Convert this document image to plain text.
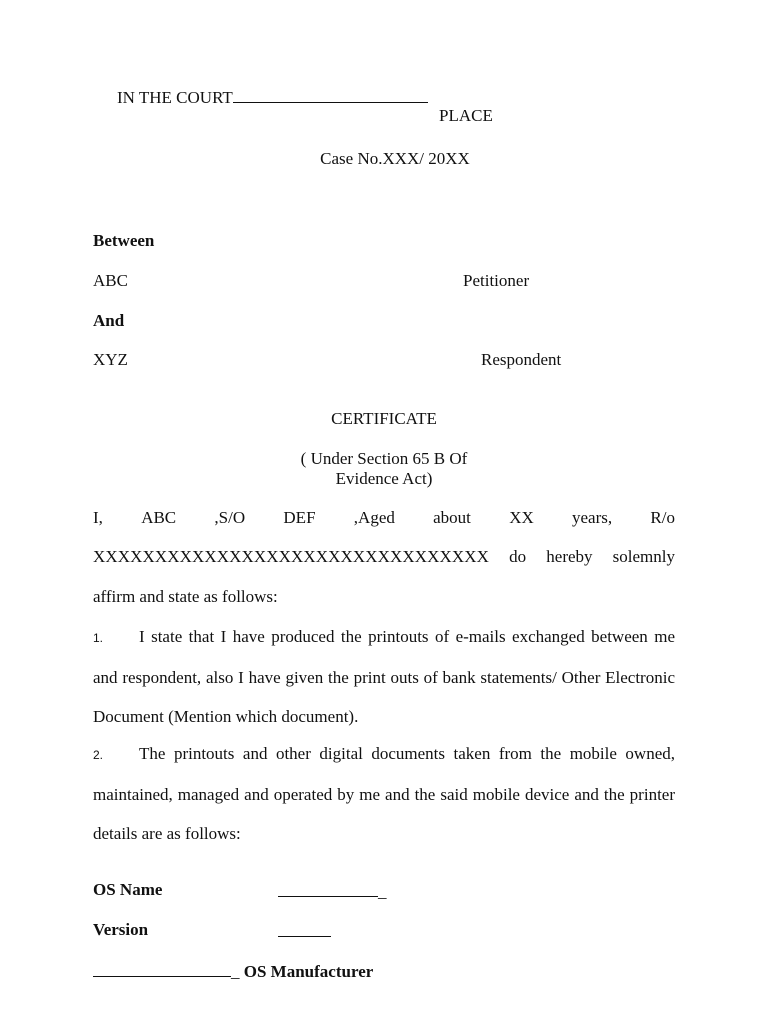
IN THE COURT
PLACE
Case No.XXX/ 20XX
Between
ABC	Petitioner
And
XYZ	Respondent
CERTIFICATE
( Under Section 65 B Of
Evidence Act)
I, ABC ,S/O DEF ,Aged about XX years, R/o
XXXXXXXXXXXXXXXXXXXXXXXXXXXXXXXX do hereby solemnly
affirm and state as follows:
1. I state that I have produced the printouts of e-mails exchanged between me and respondent, also I have given the print outs of bank statements/ Other Electronic Document (Mention which document).
2. The printouts and other digital documents taken from the mobile owned, maintained, managed and operated by me and the said mobile device and the printer details are as follows:
OS Name	_
Version
_ OS Manufacturer
